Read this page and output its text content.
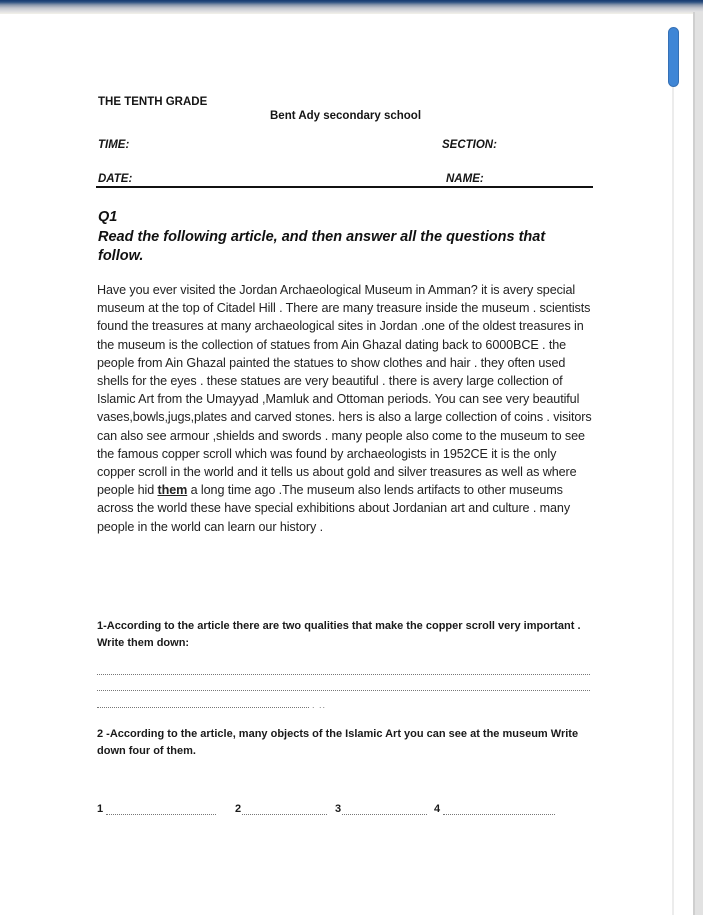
THE TENTH GRADE
Bent Ady secondary school
TIME:	SECTION:
DATE:	NAME:
Q1
Read the following article, and then answer all the questions that follow.
Have you ever visited the Jordan Archaeological Museum in Amman? it is avery special museum at the top of Citadel Hill . There are many treasure inside the museum . scientists found the treasures at many archaeological sites in Jordan .one of the oldest treasures in the museum is the collection of statues from Ain Ghazal dating back to 6000BCE . the people from Ain Ghazal painted the statues to show clothes and hair . they often used shells for the eyes . these statues are very beautiful . there is avery large collection of Islamic Art from the Umayyad ,Mamluk and Ottoman periods. You can see very beautiful vases,bowls,jugs,plates and carved stones. hers is also a large collection of coins . visitors can also see armour ,shields and swords . many people also come to the museum to see the famous copper scroll which was found by archaeologists in 1952CE it is the only copper scroll in the world and it tells us about gold and silver treasures as well as where people hid them a long time ago .The museum also lends artifacts to other museums across the world these have special exhibitions about Jordanian art and culture . many people in the world can learn our history .
1-According to the article there are two qualities that make the copper scroll very important . Write them down:
. ..
2 -According to the article, many objects of the Islamic Art you can see at the museum Write down four of them.
1	2	3	4
